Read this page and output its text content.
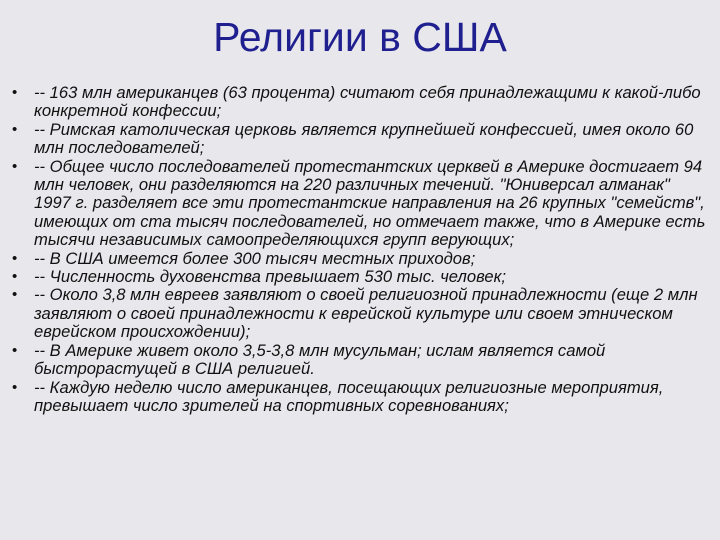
Религии в США
• -- 163 млн американцев (63 процента) считают себя принадлежащими к какой-либо конкретной конфессии;
• -- Римская католическая церковь является крупнейшей конфессией, имея около 60 млн последователей;
• -- Общее число последователей протестантских церквей в Америке достигает 94 млн человек, они разделяются на 220 различных течений. "Юниверсал алманак" 1997 г. разделяет все эти протестантские направления на 26 крупных "семейств", имеющих от ста тысяч последователей, но отмечает также, что в Америке есть тысячи независимых самоопределяющихся групп верующих;
• -- В США имеется более 300 тысяч местных приходов;
• -- Численность духовенства превышает 530 тыс. человек;
• -- Около 3,8 млн евреев заявляют о своей религиозной принадлежности (еще 2 млн заявляют о своей принадлежности к еврейской культуре или своем этническом еврейском происхождении);
• -- В Америке живет около 3,5-3,8 млн мусульман; ислам является самой быстрорастущей в США религией.
• -- Каждую неделю число американцев, посещающих религиозные мероприятия, превышает число зрителей на спортивных соревнованиях;
